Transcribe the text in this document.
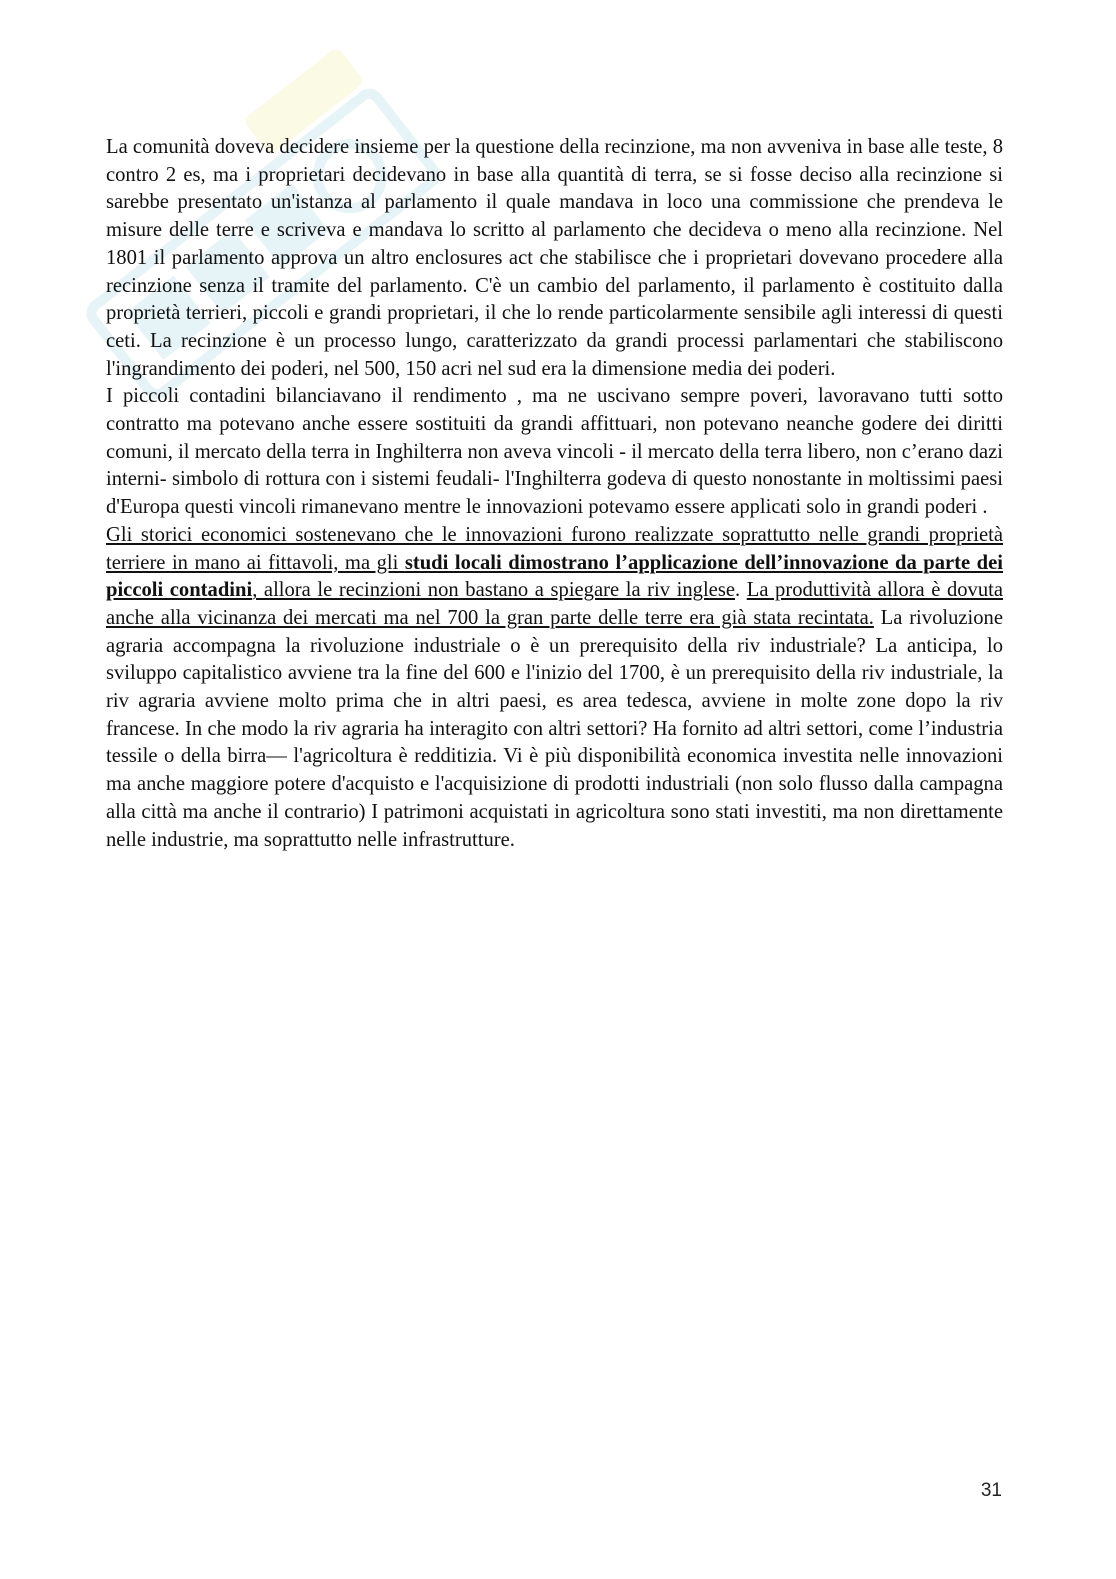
La comunità doveva decidere insieme per la questione della recinzione, ma non avveniva in base alle teste, 8 contro 2 es, ma i proprietari decidevano in base alla quantità di terra, se si fosse deciso alla recinzione si sarebbe presentato un'istanza al parlamento il quale mandava in loco una commissione che prendeva le misure delle terre e scriveva e mandava lo scritto al parlamento che decideva o meno alla recinzione. Nel 1801 il parlamento approva un altro enclosures act che stabilisce che i proprietari dovevano procedere alla recinzione senza il tramite del parlamento. C'è un cambio del parlamento, il parlamento è costituito dalla proprietà terrieri, piccoli e grandi proprietari, il che lo rende particolarmente sensibile agli interessi di questi ceti. La recinzione è un processo lungo, caratterizzato da grandi processi parlamentari che stabiliscono l'ingrandimento dei poderi, nel 500, 150 acri nel sud era la dimensione media dei poderi.

I piccoli contadini bilanciavano il rendimento , ma ne uscivano sempre poveri, lavoravano tutti sotto contratto ma potevano anche essere sostituiti da grandi affittuari, non potevano neanche godere dei diritti comuni, il mercato della terra in Inghilterra non aveva vincoli - il mercato della terra libero, non c’erano dazi interni- simbolo di rottura con i sistemi feudali- l'Inghilterra godeva di questo nonostante in moltissimi paesi d'Europa questi vincoli rimanevano mentre le innovazioni potevamo essere applicati solo in grandi poderi .

Gli storici economici sostenevano che le innovazioni furono realizzate soprattutto nelle grandi proprietà terriere in mano ai fittavoli, ma gli studi locali dimostrano l’applicazione dell’innovazione da parte dei piccoli contadini, allora le recinzioni non bastano a spiegare la riv inglese. La produttività allora è dovuta anche alla vicinanza dei mercati ma nel 700 la gran parte delle terre era già stata recintata. La rivoluzione agraria accompagna la rivoluzione industriale o è un prerequisito della riv industriale? La anticipa, lo sviluppo capitalistico avviene tra la fine del 600 e l'inizio del 1700, è un prerequisito della riv industriale, la riv agraria avviene molto prima che in altri paesi, es area tedesca, avviene in molte zone dopo la riv francese. In che modo la riv agraria ha interagito con altri settori? Ha fornito ad altri settori, come l’industria tessile o della birra— l'agricoltura è redditizia. Vi è più disponibilità economica investita nelle innovazioni ma anche maggiore potere d'acquisto e l'acquisizione di prodotti industriali (non solo flusso dalla campagna alla città ma anche il contrario) I patrimoni acquistati in agricoltura sono stati investiti, ma non direttamente nelle industrie, ma soprattutto nelle infrastrutture.

31
